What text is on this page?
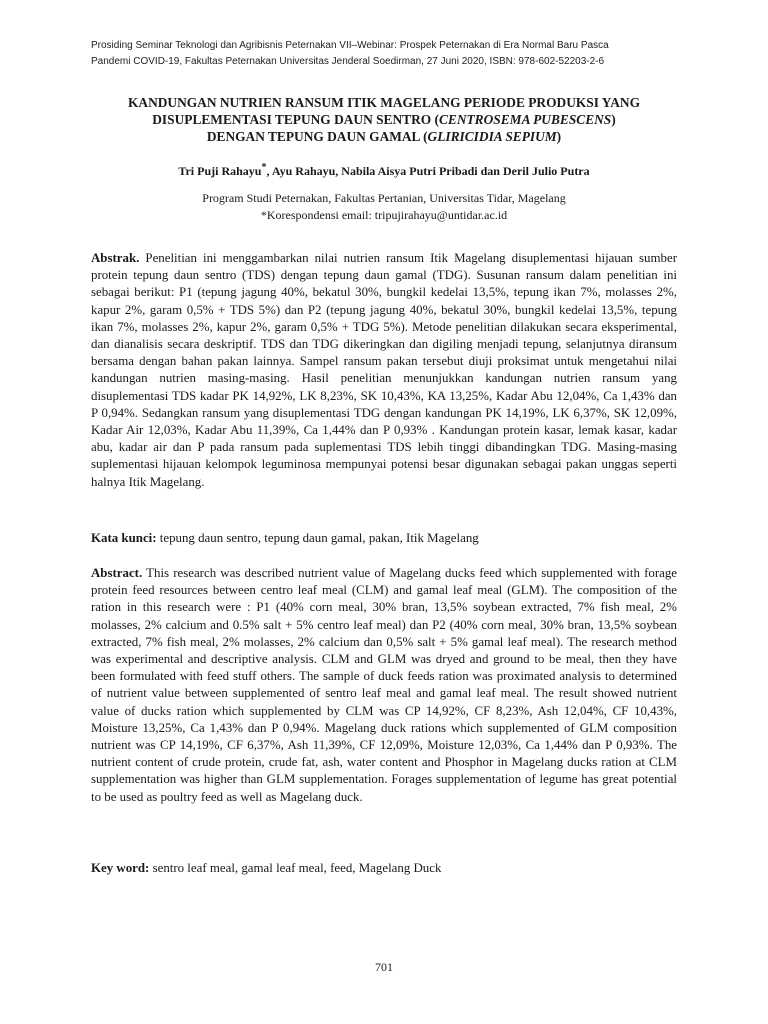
Prosiding Seminar Teknologi dan Agribisnis Peternakan VII–Webinar: Prospek Peternakan di Era Normal Baru Pasca
Pandemi COVID-19, Fakultas Peternakan Universitas Jenderal Soedirman, 27 Juni 2020, ISBN: 978-602-52203-2-6
KANDUNGAN NUTRIEN RANSUM ITIK MAGELANG PERIODE PRODUKSI YANG
DISUPLEMENTASI TEPUNG DAUN SENTRO (CENTROSEMA PUBESCENS)
DENGAN TEPUNG DAUN GAMAL (GLIRICIDIA SEPIUM)
Tri Puji Rahayu*, Ayu Rahayu, Nabila Aisya Putri Pribadi dan Deril Julio Putra
Program Studi Peternakan, Fakultas Pertanian, Universitas Tidar, Magelang
*Korespondensi email: tripujirahayu@untidar.ac.id

Abstrak. Penelitian ini menggambarkan nilai nutrien ransum Itik Magelang disuplementasi hijauan sumber protein tepung daun sentro (TDS) dengan tepung daun gamal (TDG). Susunan ransum dalam penelitian ini sebagai berikut: P1 (tepung jagung 40%, bekatul 30%, bungkil kedelai 13,5%, tepung ikan 7%, molasses 2%, kapur 2%, garam 0,5% + TDS 5%) dan P2 (tepung jagung 40%, bekatul 30%, bungkil kedelai 13,5%, tepung ikan 7%, molasses 2%, kapur 2%, garam 0,5% + TDG 5%). Metode penelitian dilakukan secara eksperimental, dan dianalisis secara deskriptif. TDS dan TDG dikeringkan dan digiling menjadi tepung, selanjutnya diransum bersama dengan bahan pakan lainnya. Sampel ransum pakan tersebut diuji proksimat untuk mengetahui nilai kandungan nutrien masing-masing. Hasil penelitian menunjukkan kandungan nutrien ransum yang disuplementasi TDS kadar PK 14,92%, LK 8,23%, SK 10,43%, KA 13,25%, Kadar Abu 12,04%, Ca 1,43% dan P 0,94%. Sedangkan ransum yang disuplementasi TDG dengan kandungan PK 14,19%, LK 6,37%, SK 12,09%, Kadar Air 12,03%, Kadar Abu 11,39%, Ca 1,44% dan P 0,93% . Kandungan protein kasar, lemak kasar, kadar abu, kadar air dan P pada ransum pada suplementasi TDS lebih tinggi dibandingkan TDG. Masing-masing suplementasi hijauan kelompok leguminosa mempunyai potensi besar digunakan sebagai pakan unggas seperti halnya Itik Magelang.

Kata kunci: tepung daun sentro, tepung daun gamal, pakan, Itik Magelang

Abstract. This research was described nutrient value of Magelang ducks feed which supplemented with forage protein feed resources between centro leaf meal (CLM) and gamal leaf meal (GLM). The composition of the ration in this research were : P1 (40% corn meal, 30% bran, 13,5% soybean extracted, 7% fish meal, 2% molasses, 2% calcium and 0.5% salt + 5% centro leaf meal) dan P2 (40% corn meal, 30% bran, 13,5% soybean extracted, 7% fish meal, 2% molasses, 2% calcium dan 0,5% salt + 5% gamal leaf meal). The research method was experimental and descriptive analysis. CLM and GLM was dryed and ground to be meal, then they have been formulated with feed stuff others. The sample of duck feeds ration was proximated analysis to determined of nutrient value between supplemented of sentro leaf meal and gamal leaf meal. The result showed nutrient value of ducks ration which supplemented by CLM was CP 14,92%, CF 8,23%, Ash 12,04%, CF 10,43%, Moisture 13,25%, Ca 1,43% dan P 0,94%. Magelang duck rations which supplemented of GLM composition nutrient was CP 14,19%, CF 6,37%, Ash 11,39%, CF 12,09%, Moisture 12,03%, Ca 1,44% dan P 0,93%. The nutrient content of crude protein, crude fat, ash, water content and Phosphor in Magelang ducks ration at CLM supplementation was higher than GLM supplementation. Forages supplementation of legume has great potential to be used as poultry feed as well as Magelang duck.

Key word: sentro leaf meal, gamal leaf meal, feed, Magelang Duck
701
